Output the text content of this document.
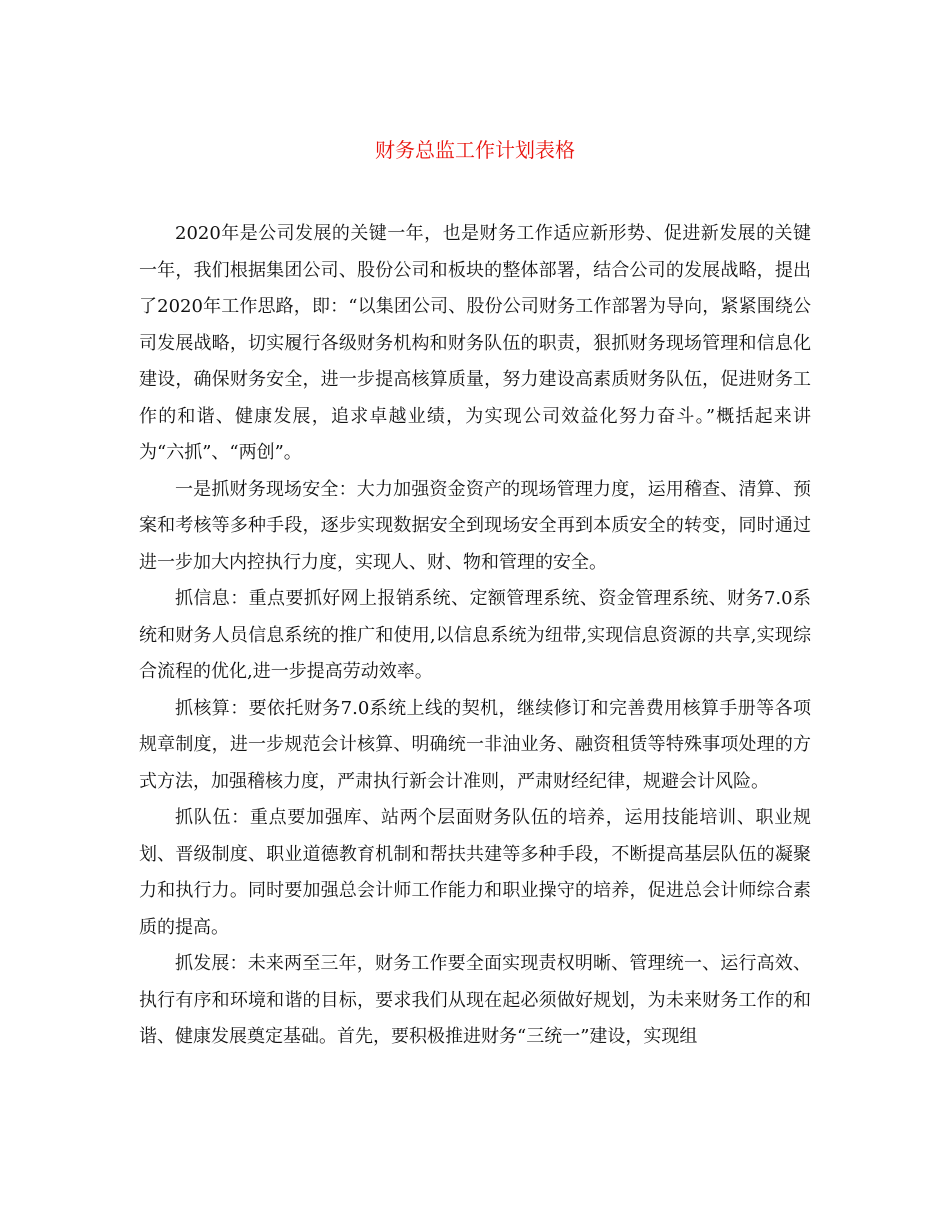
财务总监工作计划表格

2020年是公司发展的关键一年，也是财务工作适应新形势、促进新发展的关键一年，我们根据集团公司、股份公司和板块的整体部署，结合公司的发展战略，提出了2020年工作思路，即：“以集团公司、股份公司财务工作部署为导向，紧紧围绕公司发展战略，切实履行各级财务机构和财务队伍的职责，狠抓财务现场管理和信息化建设，确保财务安全，进一步提高核算质量，努力建设高素质财务队伍，促进财务工作的和谐、健康发展，追求卓越业绩，为实现公司效益化努力奋斗。”概括起来讲为“六抓”、“两创”。

一是抓财务现场安全：大力加强资金资产的现场管理力度，运用稽查、清算、预案和考核等多种手段，逐步实现数据安全到现场安全再到本质安全的转变，同时通过进一步加大内控执行力度，实现人、财、物和管理的安全。

抓信息：重点要抓好网上报销系统、定额管理系统、资金管理系统、财务7.0系统和财务人员信息系统的推广和使用,以信息系统为纽带,实现信息资源的共享,实现综合流程的优化,进一步提高劳动效率。

抓核算：要依托财务7.0系统上线的契机，继续修订和完善费用核算手册等各项规章制度，进一步规范会计核算、明确统一非油业务、融资租赁等特殊事项处理的方式方法，加强稽核力度，严肃执行新会计准则，严肃财经纪律，规避会计风险。

抓队伍：重点要加强库、站两个层面财务队伍的培养，运用技能培训、职业规划、晋级制度、职业道德教育机制和帮扶共建等多种手段，不断提高基层队伍的凝聚力和执行力。同时要加强总会计师工作能力和职业操守的培养，促进总会计师综合素质的提高。

抓发展：未来两至三年，财务工作要全面实现责权明晰、管理统一、运行高效、执行有序和环境和谐的目标，要求我们从现在起必须做好规划，为未来财务工作的和谐、健康发展奠定基础。首先，要积极推进财务“三统一”建设，实现组
